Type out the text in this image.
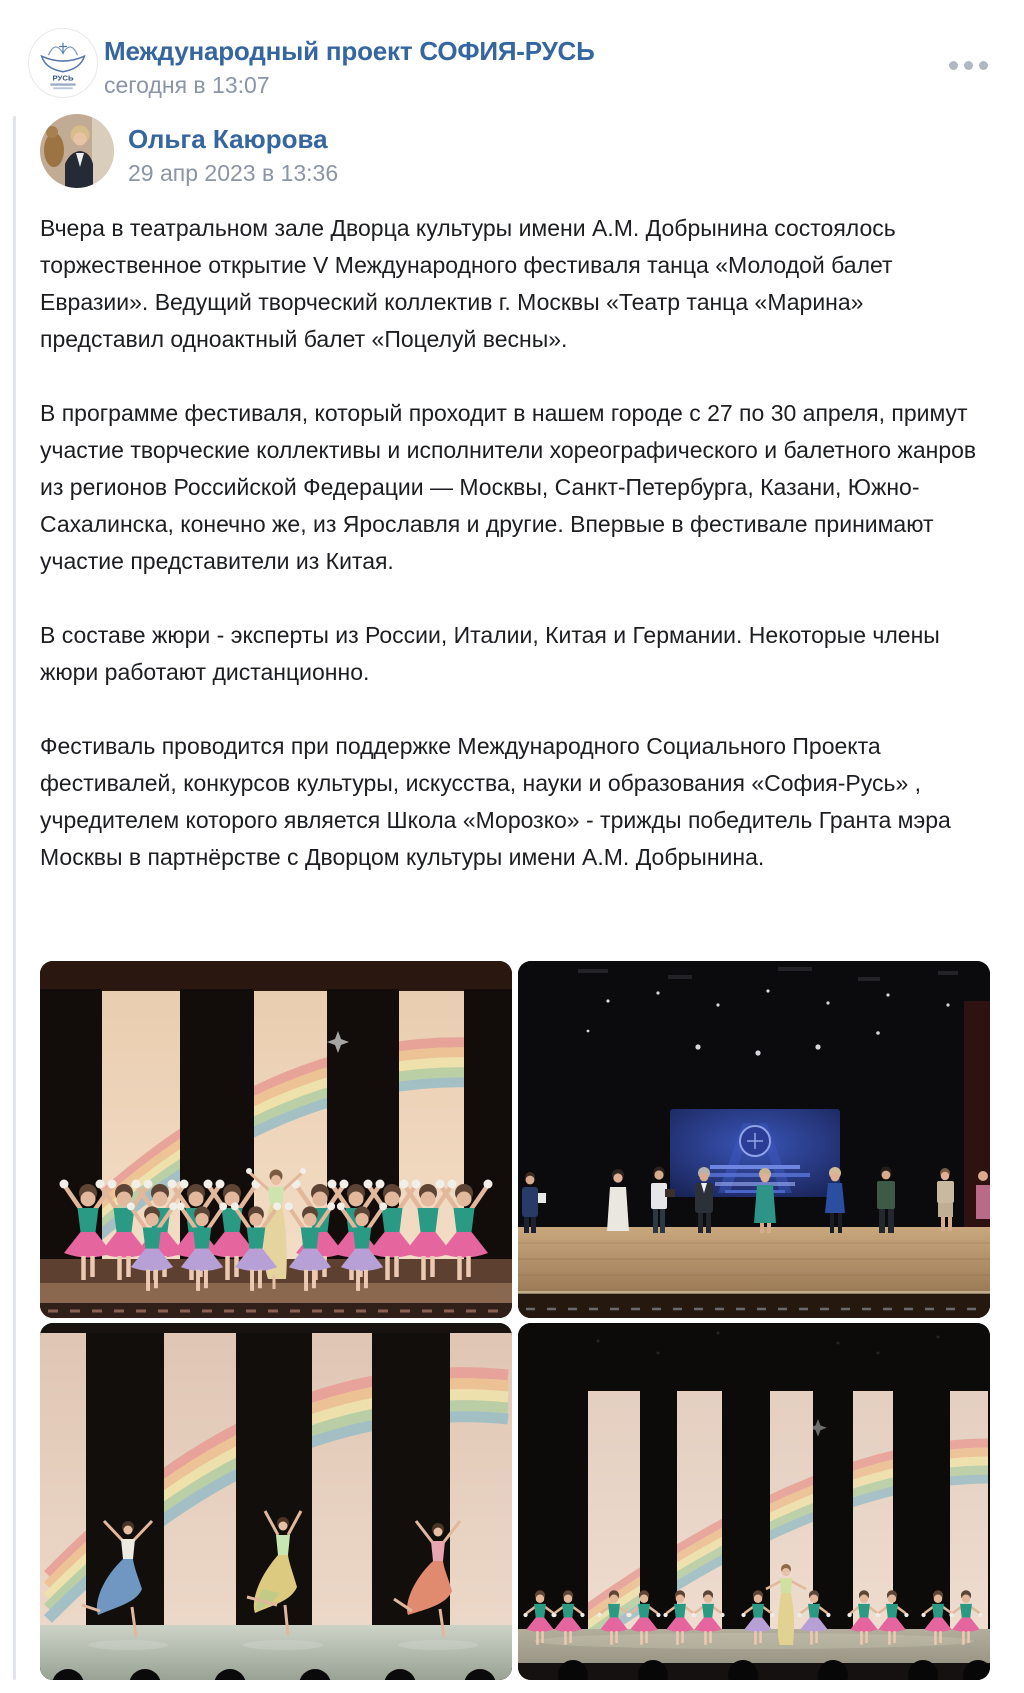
РУСЬ
Международный проект СОФИЯ-РУСЬ
сегодня в 13:07
Ольга Каюрова
29 апр 2023 в 13:36

Вчера в театральном зале Дворца культуры имени А.М. Добрынина состоялось торжественное открытие V Международного фестиваля танца «Молодой балет Евразии». Ведущий творческий коллектив г. Москвы «Театр танца «Марина» представил одноактный балет «Поцелуй весны».

В программе фестиваля, который проходит в нашем городе с 27 по 30 апреля, примут участие творческие коллективы и исполнители хореографического и балетного жанров из регионов Российской Федерации — Москвы, Санкт-Петербурга, Казани, Южно-Сахалинска, конечно же, из Ярославля и другие. Впервые в фестивале принимают участие представители из Китая.

В составе жюри - эксперты из России, Италии, Китая и Германии. Некоторые члены жюри работают дистанционно.

Фестиваль проводится при поддержке Международного Социального Проекта фестивалей, конкурсов культуры, искусства, науки и образования «София-Русь» , учредителем которого является Школа «Морозко» - трижды победитель Гранта мэра Москвы в партнёрстве с Дворцом культуры имени А.М. Добрынина.
